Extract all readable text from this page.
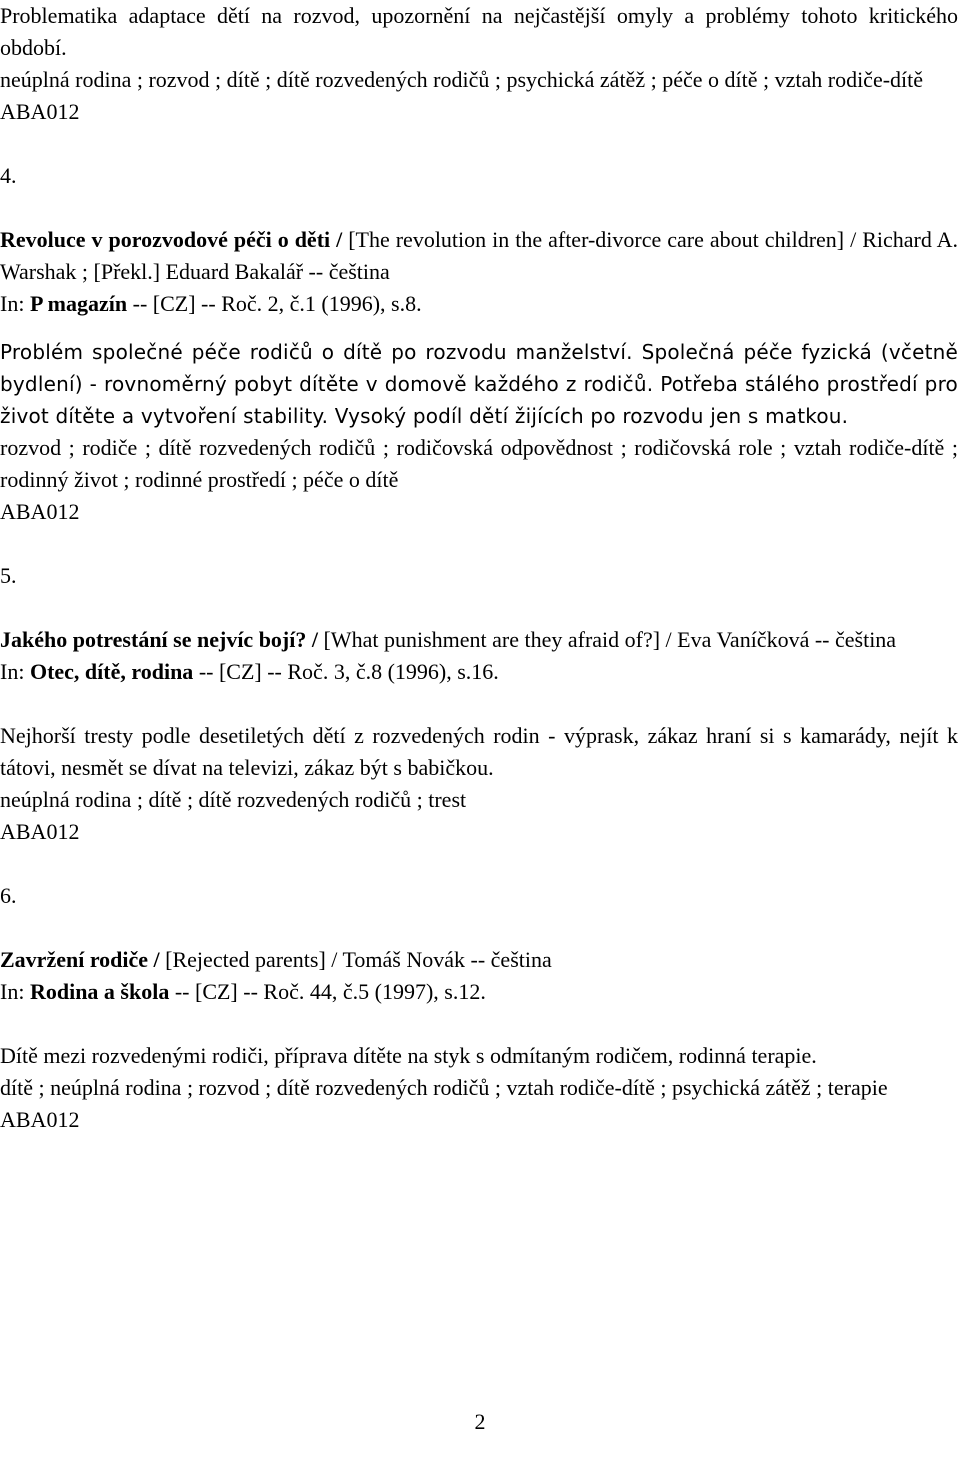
Problematika adaptace dětí na rozvod, upozornění na nejčastější omyly a problémy tohoto kritického období.

neúplná rodina ; rozvod ; dítě ; dítě rozvedených rodičů ; psychická zátěž ; péče o dítě ; vztah rodiče-dítě

ABA012

4.

Revoluce v porozvodové péči o děti / [The revolution in the after-divorce care about children] / Richard A. Warshak ; [Překl.] Eduard Bakalář -- čeština

In: P magazín -- [CZ] -- Roč. 2, č.1 (1996), s.8.

Problém společné péče rodičů o dítě po rozvodu manželství. Společná péče fyzická (včetně bydlení) - rovnoměrný pobyt dítěte v domově každého z rodičů. Potřeba stálého prostředí pro život dítěte a vytvoření stability. Vysoký podíl dětí žijících po rozvodu jen s matkou.

rozvod ; rodiče ; dítě rozvedených rodičů ; rodičovská odpovědnost ; rodičovská role ; vztah rodiče-dítě ; rodinný život ; rodinné prostředí ; péče o dítě

ABA012

5.

Jakého potrestání se nejvíc bojí? / [What punishment are they afraid of?] / Eva Vaníčková -- čeština

In: Otec, dítě, rodina -- [CZ] -- Roč. 3, č.8 (1996), s.16.

Nejhorší tresty podle desetiletých dětí z rozvedených rodin - výprask, zákaz hraní si s kamarády, nejít k tátovi, nesmět se dívat na televizi, zákaz být s babičkou.

neúplná rodina ; dítě ; dítě rozvedených rodičů ; trest

ABA012

6.

Zavržení rodiče / [Rejected parents] / Tomáš Novák -- čeština

In: Rodina a škola -- [CZ] -- Roč. 44, č.5 (1997), s.12.

Dítě mezi rozvedenými rodiči, příprava dítěte na styk s odmítaným rodičem, rodinná terapie.

dítě ; neúplná rodina ; rozvod ; dítě rozvedených rodičů ; vztah rodiče-dítě ; psychická zátěž ; terapie

ABA012

2
